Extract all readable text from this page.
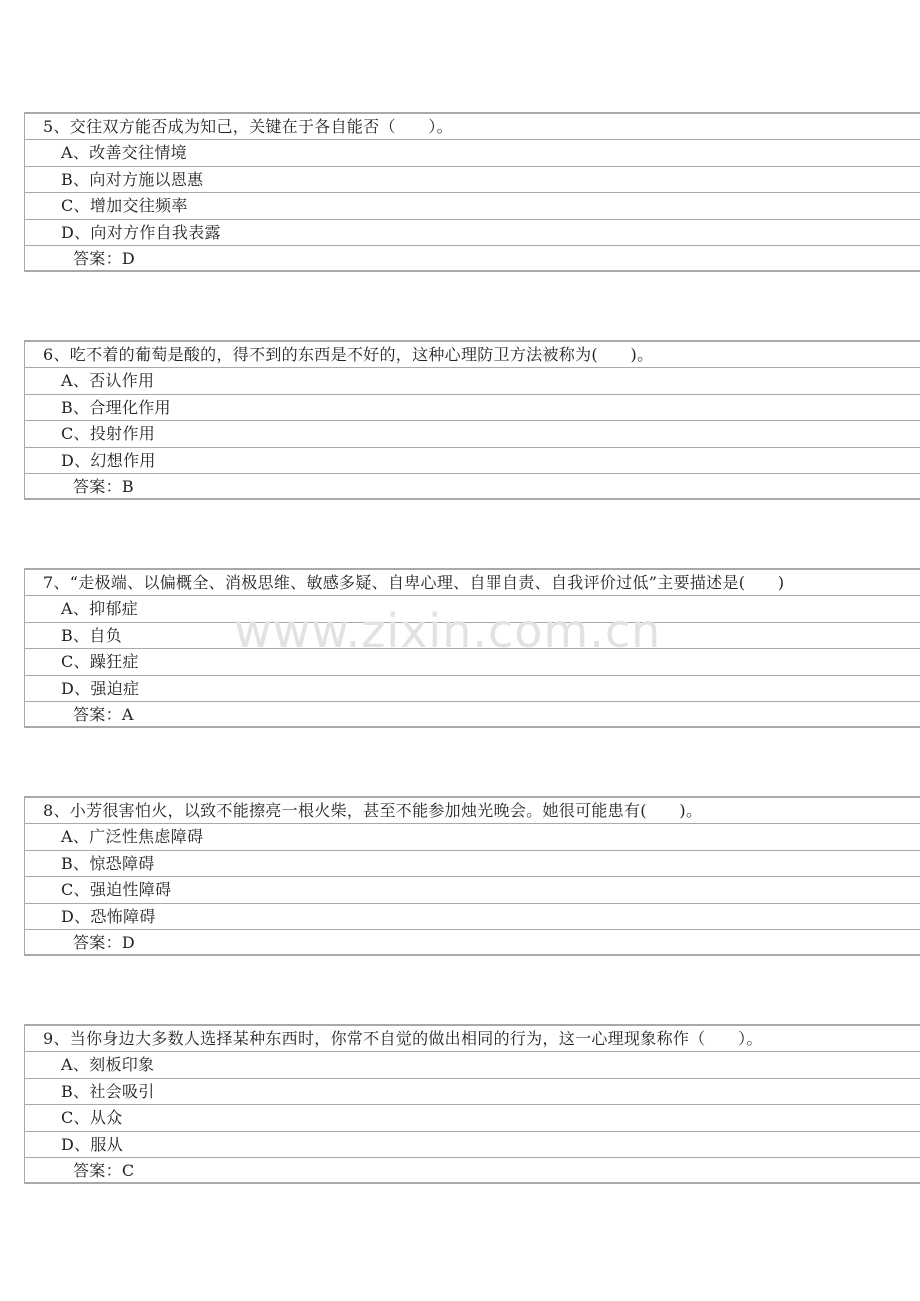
5、交往双方能否成为知己，关键在于各自能否（　　）。
A、改善交往情境
B、向对方施以恩惠
C、增加交往频率
D、向对方作自我表露
答案：D
6、吃不着的葡萄是酸的，得不到的东西是不好的，这种心理防卫方法被称为(　　)。
A、否认作用
B、合理化作用
C、投射作用
D、幻想作用
答案：B
7、“走极端、以偏概全、消极思维、敏感多疑、自卑心理、自罪自责、自我评价过低”主要描述是(　　)
A、抑郁症
B、自负
C、躁狂症
D、强迫症
答案：A
8、小芳很害怕火，以致不能擦亮一根火柴，甚至不能参加烛光晚会。她很可能患有(　　)。
A、广泛性焦虑障碍
B、惊恐障碍
C、强迫性障碍
D、恐怖障碍
答案：D
9、当你身边大多数人选择某种东西时，你常不自觉的做出相同的行为，这一心理现象称作（　　）。
A、刻板印象
B、社会吸引
C、从众
D、服从
答案：C
www.zixin.com.cn
